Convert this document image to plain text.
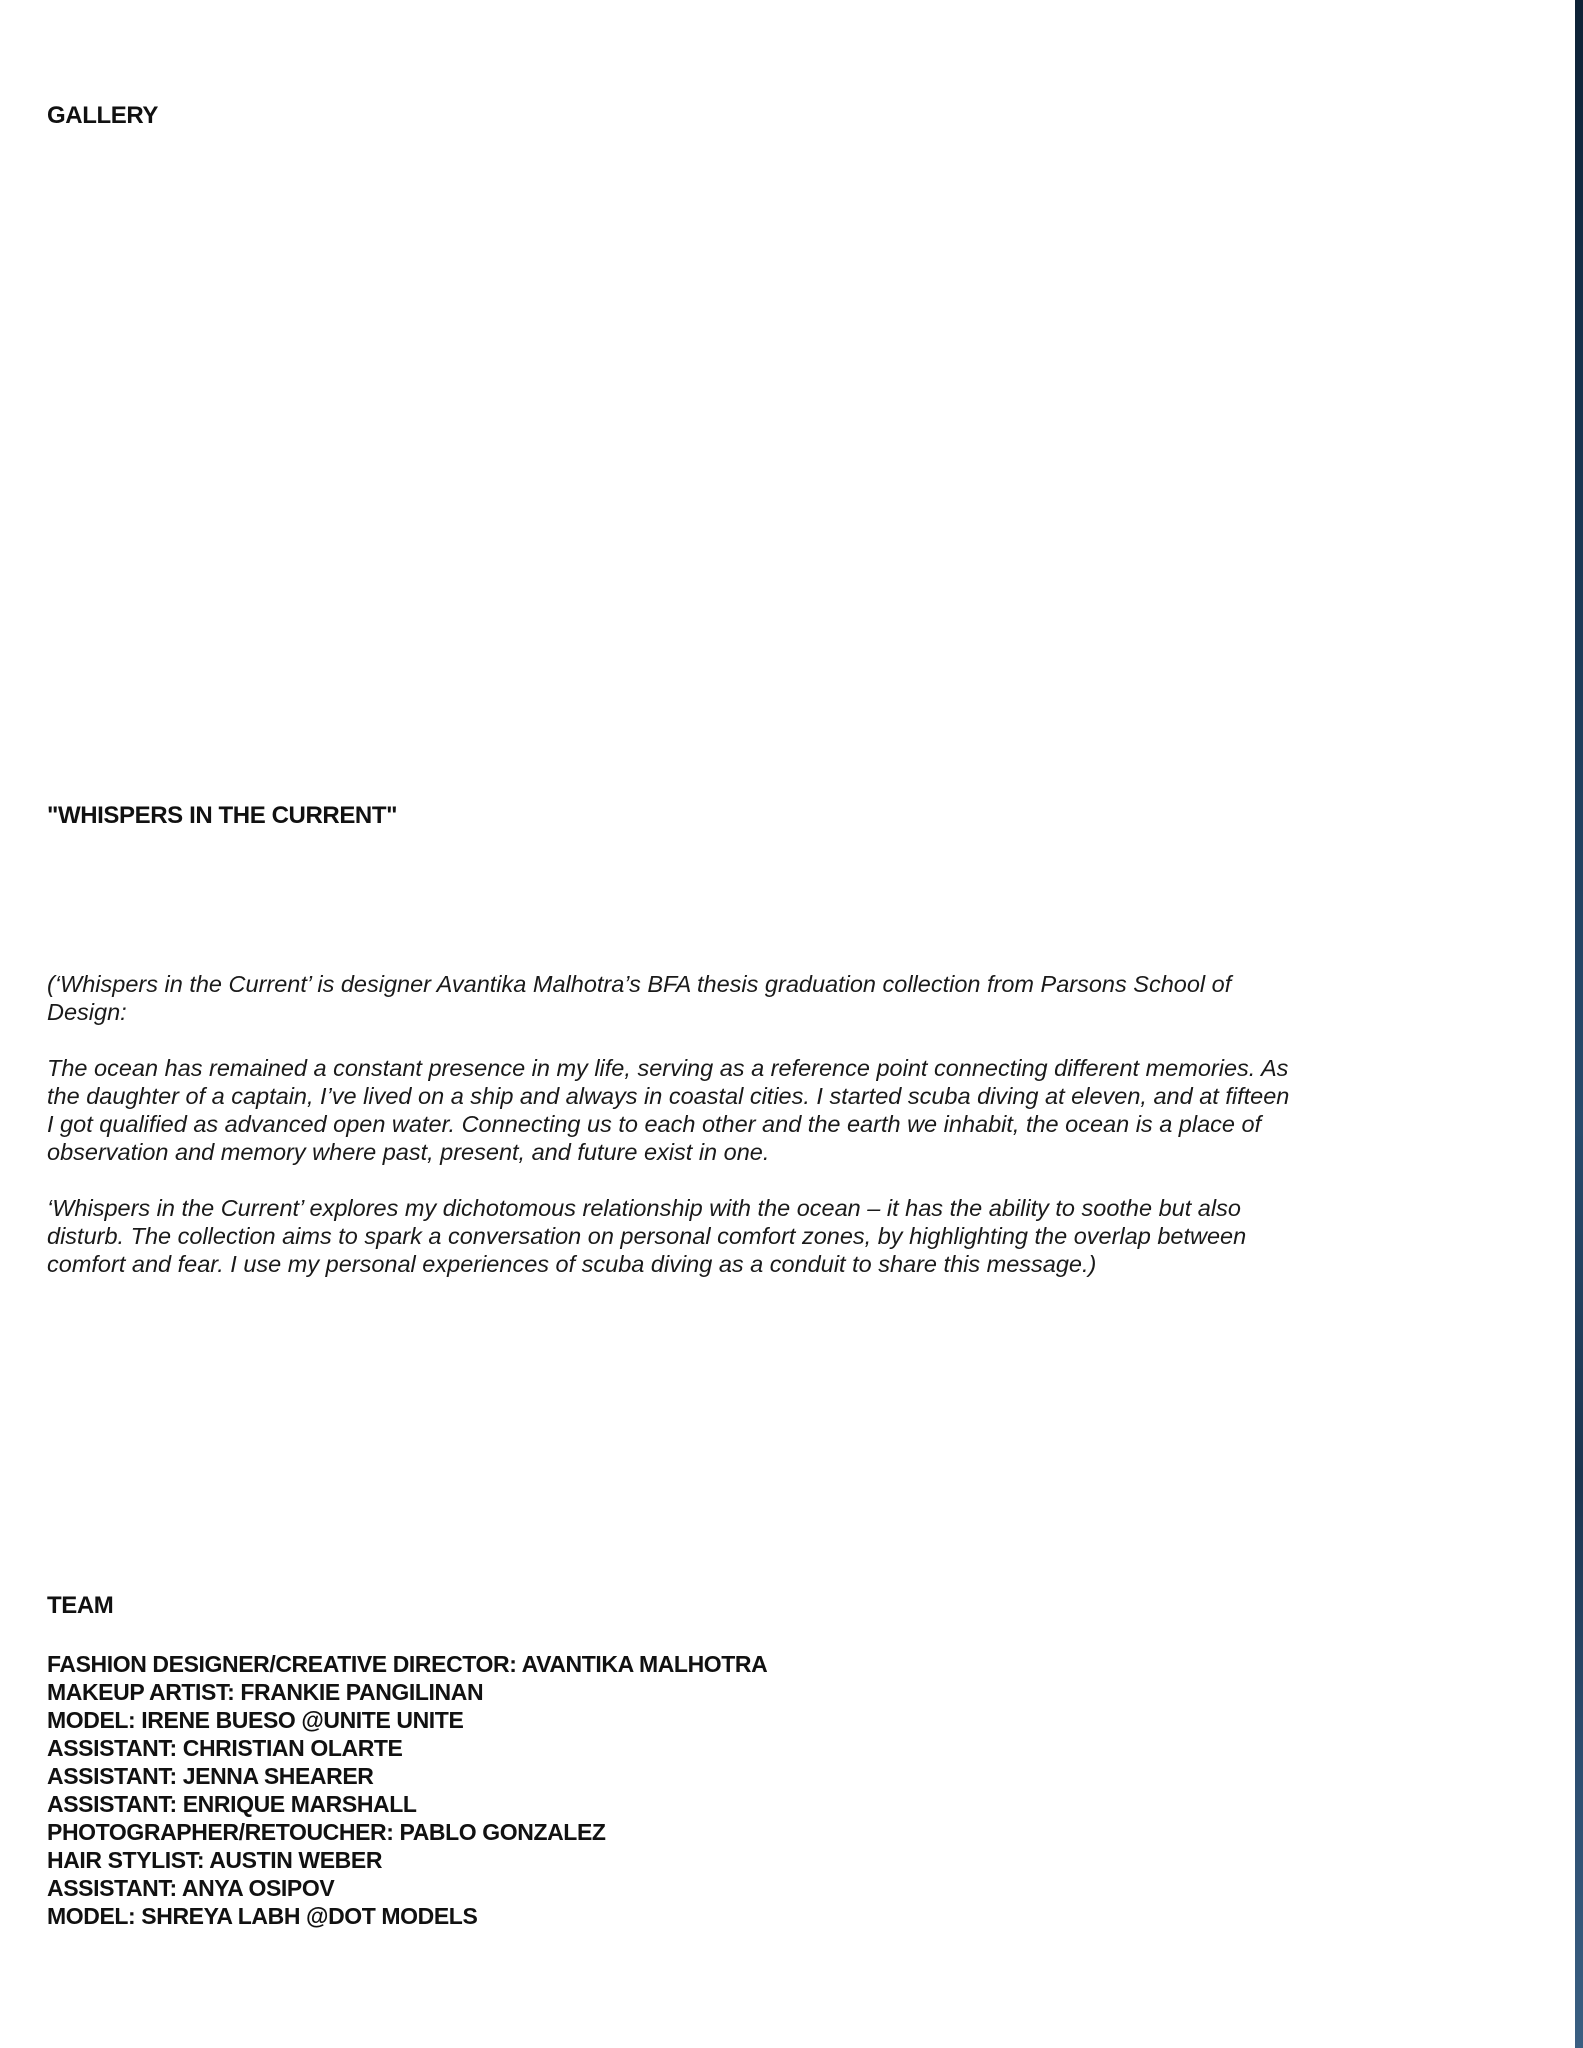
GALLERY
"WHISPERS IN THE CURRENT"

(‘Whispers in the Current’ is designer Avantika Malhotra’s BFA thesis graduation collection from Parsons School of Design:

The ocean has remained a constant presence in my life, serving as a reference point connecting different memories. As the daughter of a captain, I’ve lived on a ship and always in coastal cities. I started scuba diving at eleven, and at fifteen I got qualified as advanced open water. Connecting us to each other and the earth we inhabit, the ocean is a place of observation and memory where past, present, and future exist in one.

‘Whispers in the Current’ explores my dichotomous relationship with the ocean – it has the ability to soothe but also disturb. The collection aims to spark a conversation on personal comfort zones, by highlighting the overlap between comfort and fear. I use my personal experiences of scuba diving as a conduit to share this message.)

TEAM
FASHION DESIGNER/CREATIVE DIRECTOR: AVANTIKA MALHOTRA
MAKEUP ARTIST: FRANKIE PANGILINAN
MODEL: IRENE BUESO @UNITE UNITE
ASSISTANT: CHRISTIAN OLARTE
ASSISTANT: JENNA SHEARER
ASSISTANT: ENRIQUE MARSHALL
PHOTOGRAPHER/RETOUCHER: PABLO GONZALEZ
HAIR STYLIST: AUSTIN WEBER
ASSISTANT: ANYA OSIPOV
MODEL: SHREYA LABH @DOT MODELS
